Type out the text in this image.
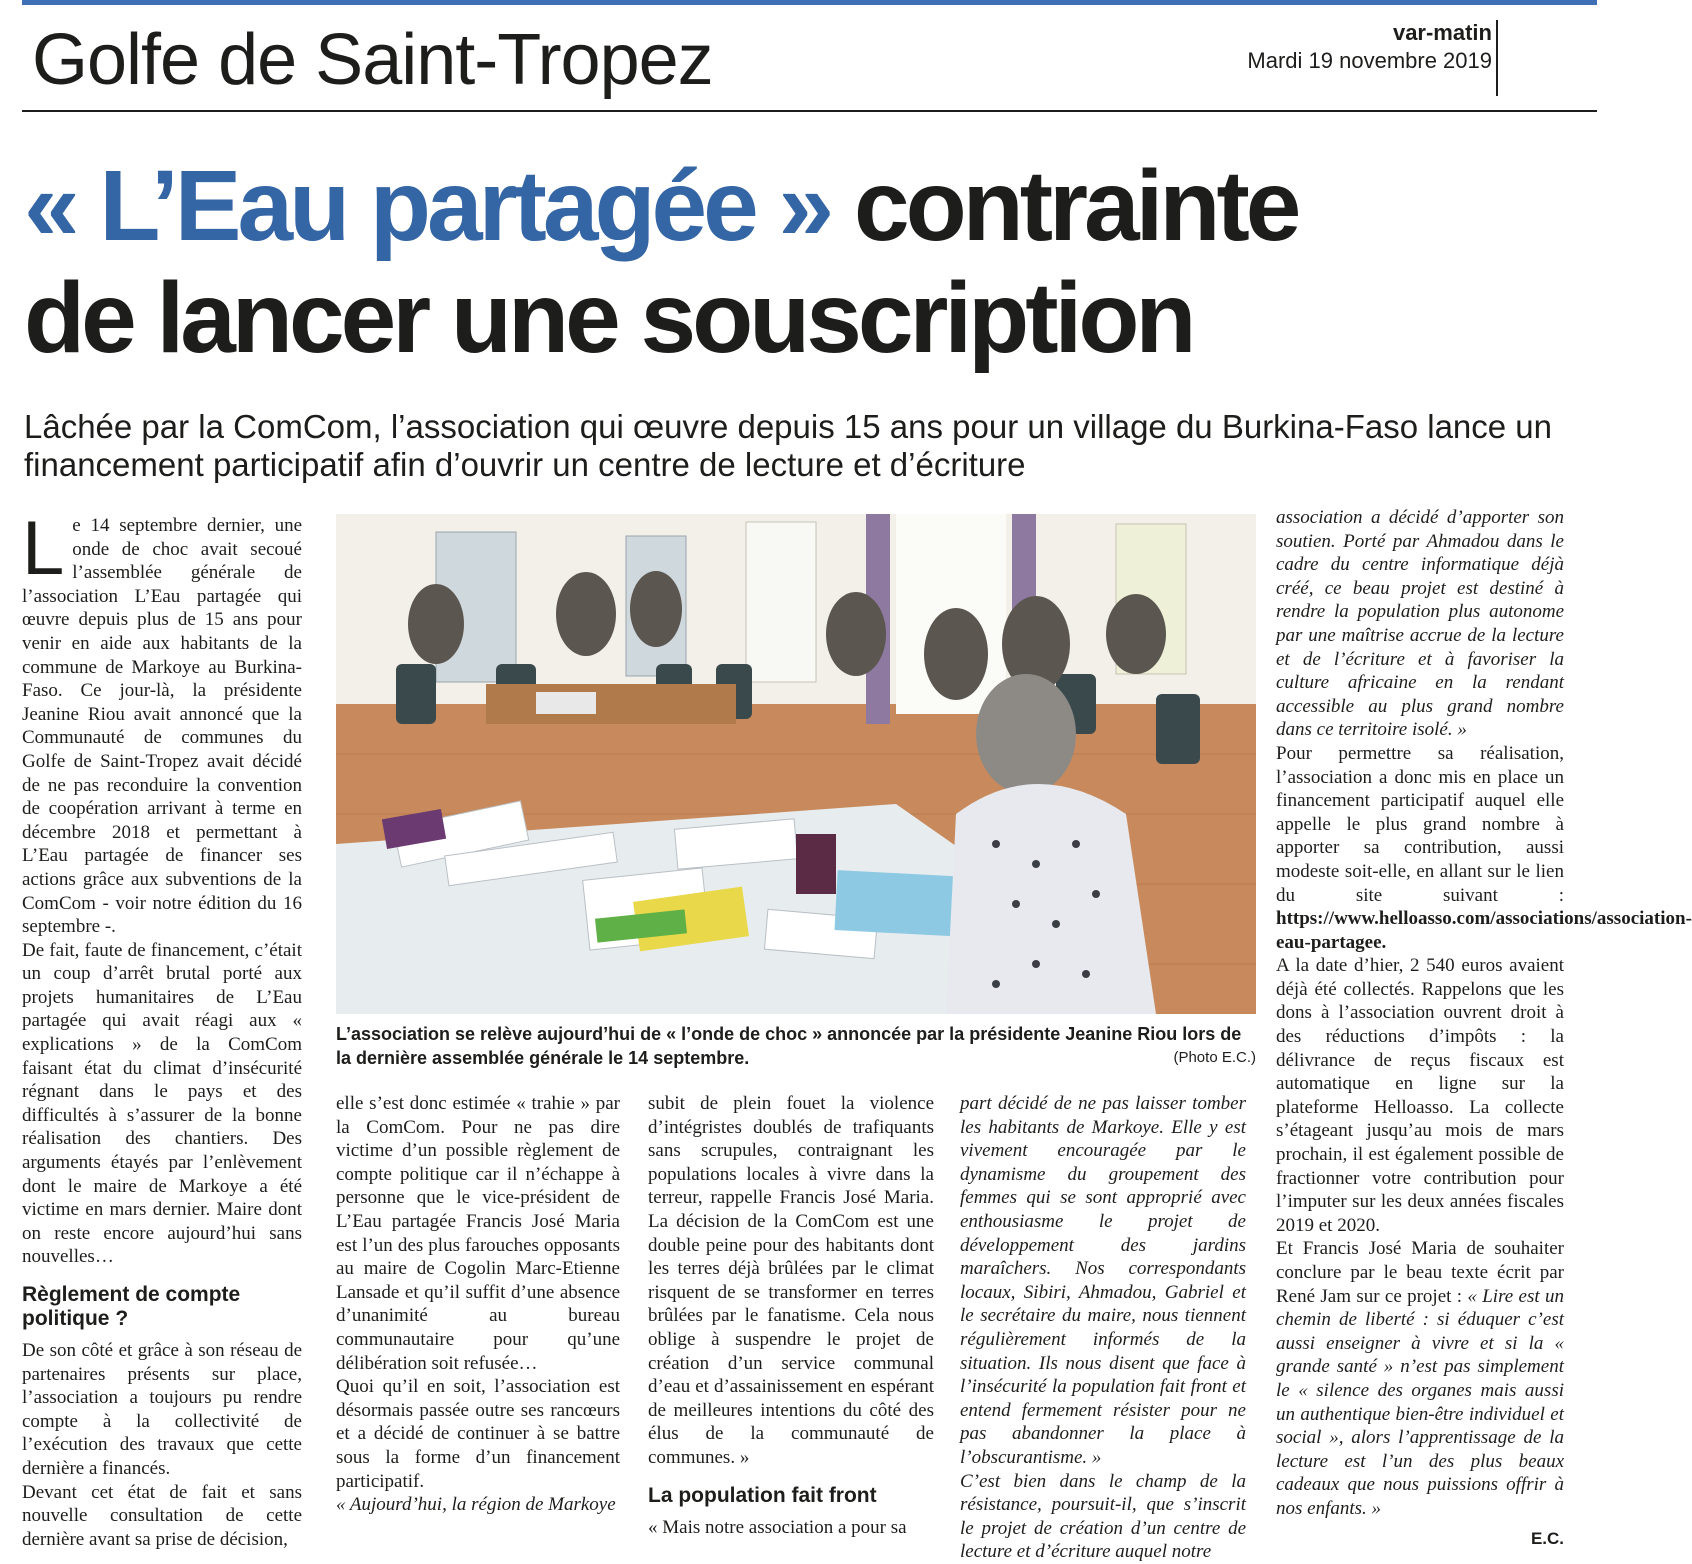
Golfe de Saint-Tropez	var-matin
Mardi 19 novembre 2019
« L’Eau partagée » contrainte
de lancer une souscription

Lâchée par la ComCom, l’association qui œuvre depuis 15 ans pour un village du Burkina-Faso lance un financement participatif afin d’ouvrir un centre de lecture et d’écriture

Le 14 septembre dernier, une onde de choc avait secoué l’assemblée générale de l’association L’Eau partagée qui œuvre depuis plus de 15 ans pour venir en aide aux habitants de la commune de Markoye au Burkina-Faso. Ce jour-là, la présidente Jeanine Riou avait annoncé que la Communauté de communes du Golfe de Saint-Tropez avait décidé de ne pas reconduire la convention de coopération arrivant à terme en décembre 2018 et permettant à L’Eau partagée de financer ses actions grâce aux subventions de la ComCom - voir notre édition du 16 septembre -.

De fait, faute de financement, c’était un coup d’arrêt brutal porté aux projets humanitaires de L’Eau partagée qui avait réagi aux « explications » de la ComCom faisant état du climat d’insécurité régnant dans le pays et des difficultés à s’assurer de la bonne réalisation des chantiers. Des arguments étayés par l’enlèvement dont le maire de Markoye a été victime en mars dernier. Maire dont on reste encore aujourd’hui sans nouvelles…

Règlement de compte politique ?

De son côté et grâce à son réseau de partenaires présents sur place, l’association a toujours pu rendre compte à la collectivité de l’exécution des travaux que cette dernière a financés.

Devant cet état de fait et sans nouvelle consultation de cette dernière avant sa prise de décision,

L’association se relève aujourd’hui de « l’onde de choc » annoncée par la présidente Jeanine Riou lors de la dernière assemblée générale le 14 septembre.	(Photo E.C.)

elle s’est donc estimée « trahie » par la ComCom. Pour ne pas dire victime d’un possible règlement de compte politique car il n’échappe à personne que le vice-président de L’Eau partagée Francis José Maria est l’un des plus farouches opposants au maire de Cogolin Marc-Etienne Lansade et qu’il suffit d’une absence d’unanimité au bureau communautaire pour qu’une délibération soit refusée…

Quoi qu’il en soit, l’association est désormais passée outre ses rancœurs et a décidé de continuer à se battre sous la forme d’un financement participatif.

« Aujourd’hui, la région de Markoye

subit de plein fouet la violence d’intégristes doublés de trafiquants sans scrupules, contraignant les populations locales à vivre dans la terreur, rappelle Francis José Maria. La décision de la ComCom est une double peine pour des habitants dont les terres déjà brûlées par le climat risquent de se transformer en terres brûlées par le fanatisme. Cela nous oblige à suspendre le projet de création d’un service communal d’eau et d’assainissement en espérant de meilleures intentions du côté des élus de la communauté de communes. »

La population fait front

« Mais notre association a pour sa

part décidé de ne pas laisser tomber les habitants de Markoye. Elle y est vivement encouragée par le dynamisme du groupement des femmes qui se sont approprié avec enthousiasme le projet de développement des jardins maraîchers. Nos correspondants locaux, Sibiri, Ahmadou, Gabriel et le secrétaire du maire, nous tiennent régulièrement informés de la situation. Ils nous disent que face à l’insécurité la population fait front et entend fermement résister pour ne pas abandonner la place à l’obscurantisme. »

C’est bien dans le champ de la résistance, poursuit-il, que s’inscrit le projet de création d’un centre de lecture et d’écriture auquel notre

association a décidé d’apporter son soutien. Porté par Ahmadou dans le cadre du centre informatique déjà créé, ce beau projet est destiné à rendre la population plus autonome par une maîtrise accrue de la lecture et de l’écriture et à favoriser la culture africaine en la rendant accessible au plus grand nombre dans ce territoire isolé. »

Pour permettre sa réalisation, l’association a donc mis en place un financement participatif auquel elle appelle le plus grand nombre à apporter sa contribution, aussi modeste soit-elle, en allant sur le lien du site suivant : https://www.helloasso.com/associations/association-eau-partagee.

A la date d’hier, 2 540 euros avaient déjà été collectés. Rappelons que les dons à l’association ouvrent droit à des réductions d’impôts : la délivrance de reçus fiscaux est automatique en ligne sur la plateforme Helloasso. La collecte s’étageant jusqu’au mois de mars prochain, il est également possible de fractionner votre contribution pour l’imputer sur les deux années fiscales 2019 et 2020.

Et Francis José Maria de souhaiter conclure par le beau texte écrit par René Jam sur ce projet : « Lire est un chemin de liberté : si éduquer c’est aussi enseigner à vivre et si la « grande santé » n’est pas simplement le « silence des organes mais aussi un authentique bien-être individuel et social », alors l’apprentissage de la lecture est l’un des plus beaux cadeaux que nous puissions offrir à nos enfants. »

E.C.
